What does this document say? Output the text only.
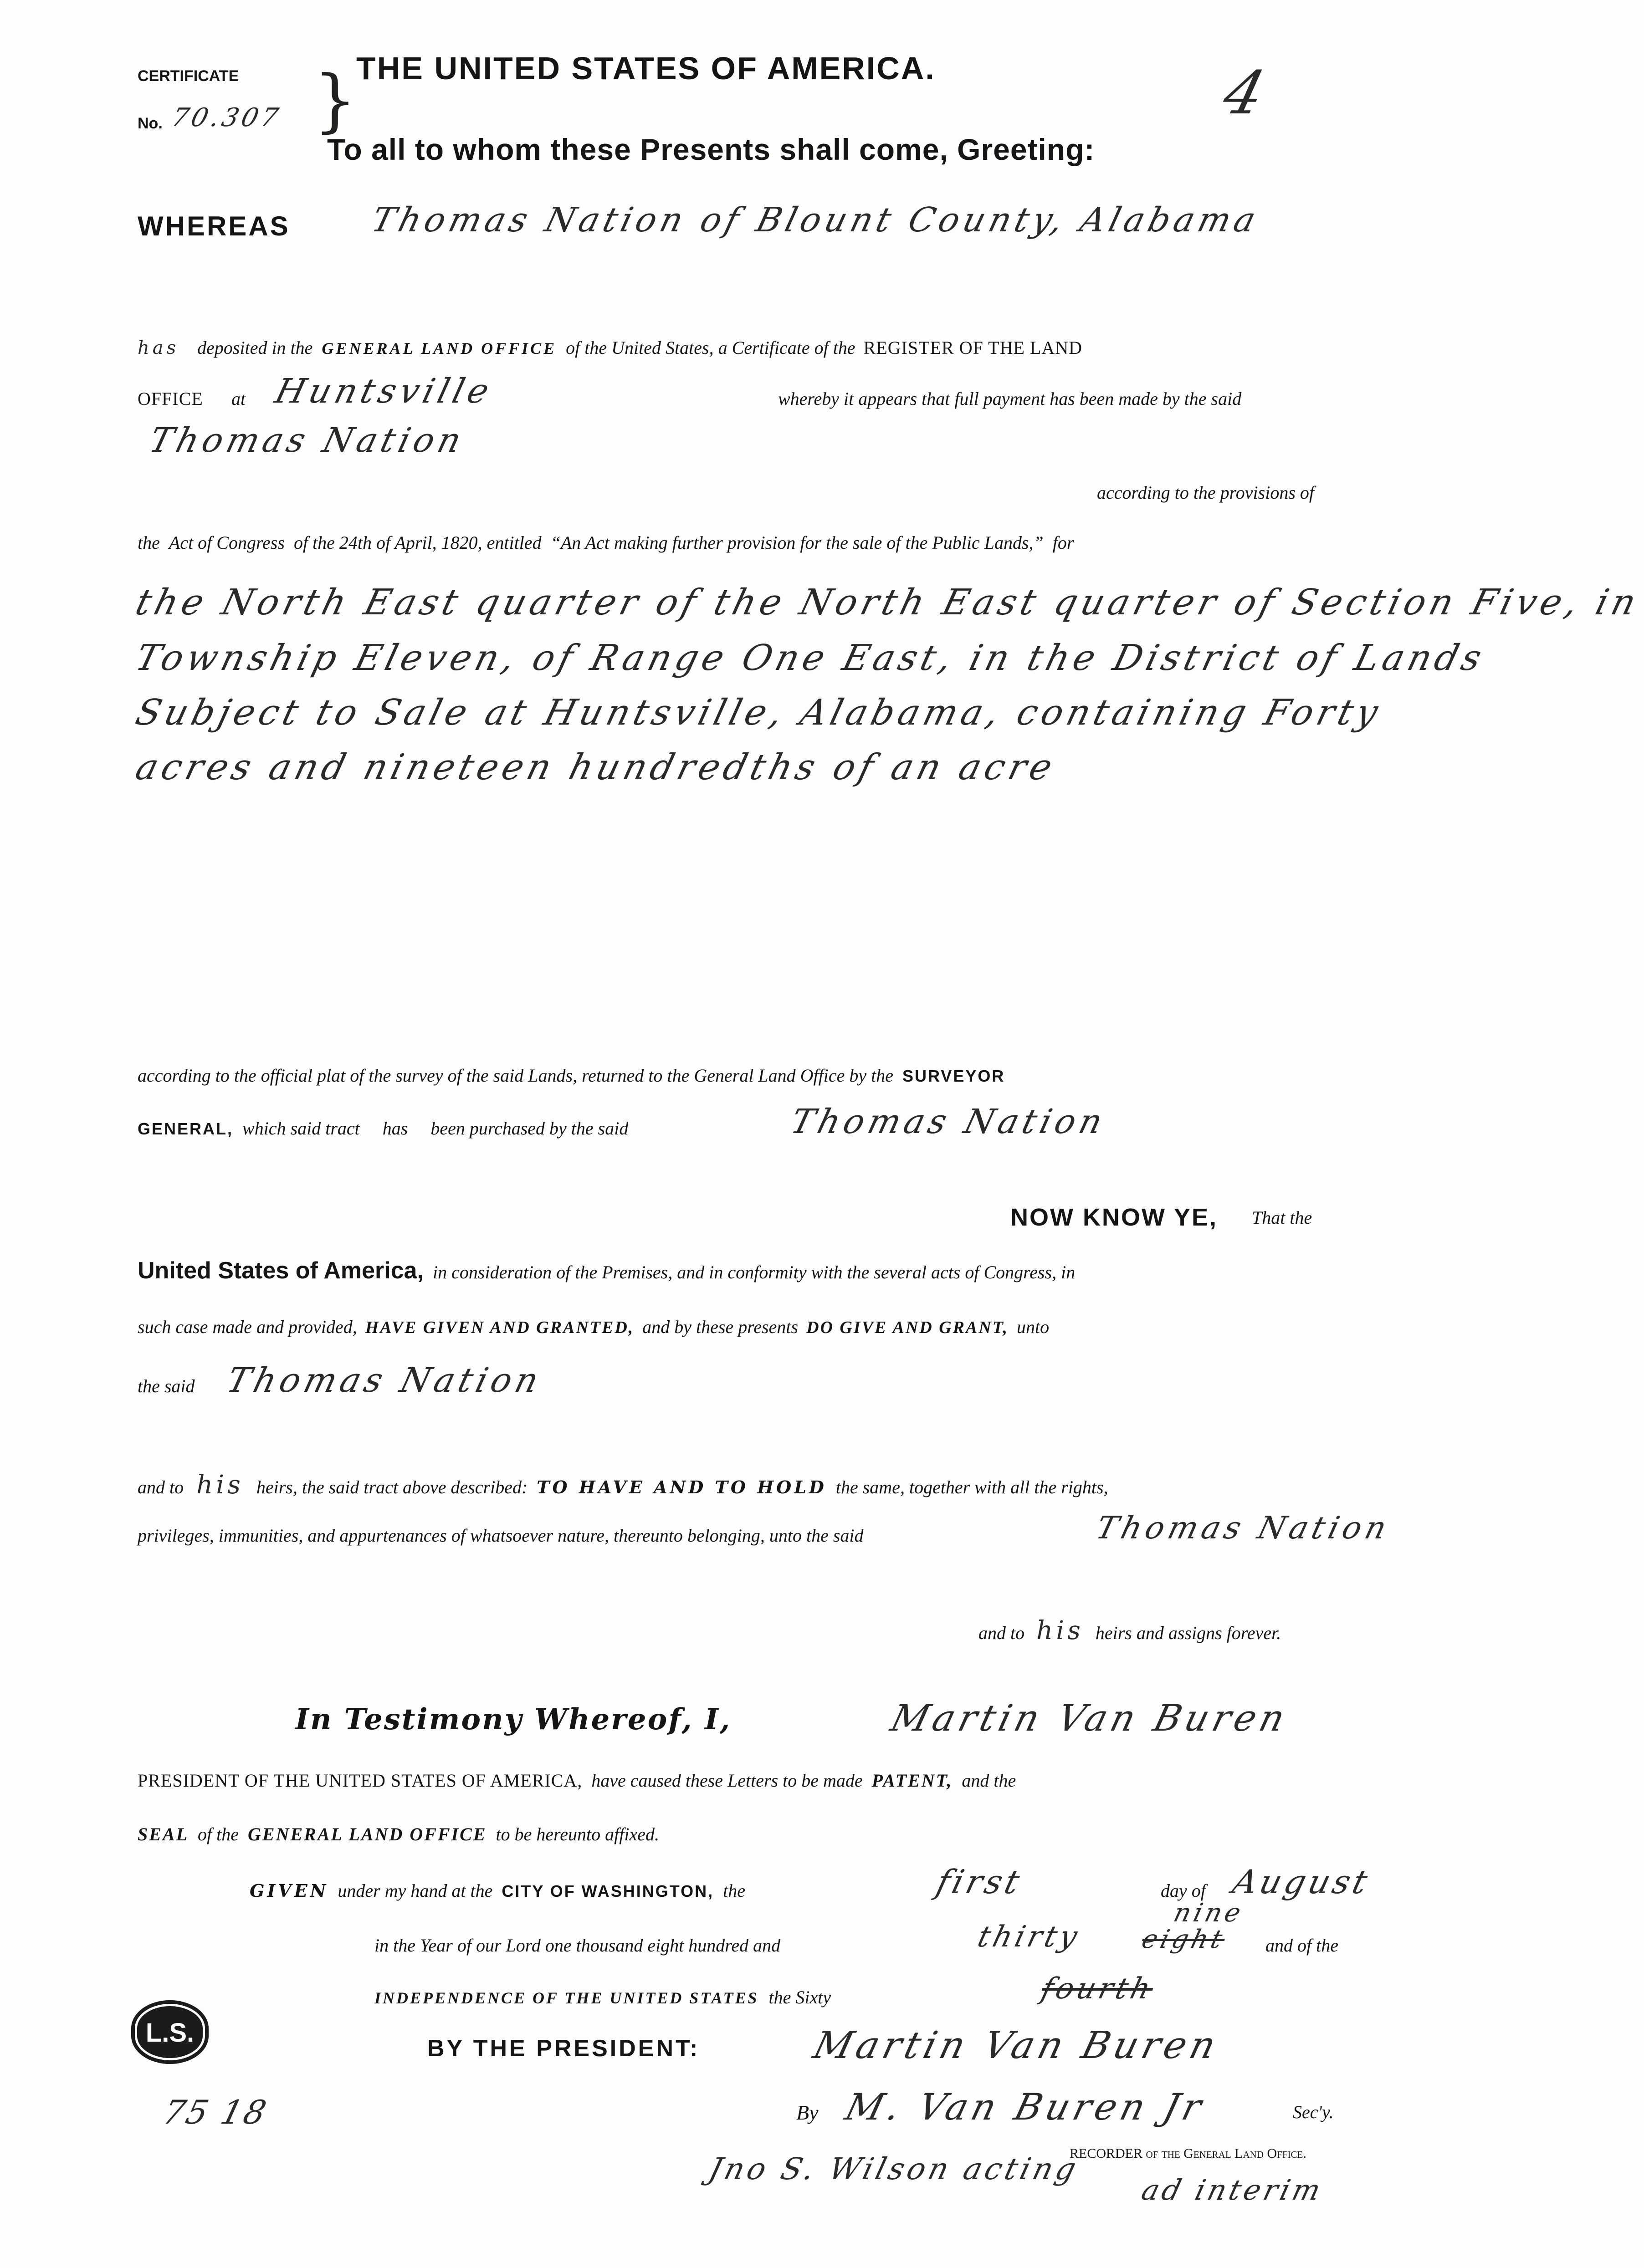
CERTIFICATE
No. 70.307 }
THE UNITED STATES OF AMERICA.	4
To all to whom these Presents shall come, Greeting:
WHEREAS Thomas Nation of Blount County, Alabama
has deposited in the GENERAL LAND OFFICE of the United States, a Certificate of the REGISTER OF THE LAND
OFFICE at Huntsville	whereby it appears that full payment has been made by the said
Thomas Nation
according to the provisions of
the Act of Congress of the 24th of April, 1820, entitled “An Act making further provision for the sale of the Public Lands,” for
the North East quarter of the North East quarter of Section Five, in
Township Eleven, of Range One East, in the District of Lands
Subject to Sale at Huntsville, Alabama, containing Forty
acres and nineteen hundredths of an acre
according to the official plat of the survey of the said Lands, returned to the General Land Office by the SURVEYOR
GENERAL, which said tract has been purchased by the said	Thomas Nation
NOW KNOW YE, That the
United States of America, in consideration of the Premises, and in conformity with the several acts of Congress, in
such case made and provided, HAVE GIVEN AND GRANTED, and by these presents DO GIVE AND GRANT, unto
the said Thomas Nation
and to his heirs, the said tract above described: TO HAVE AND TO HOLD the same, together with all the rights,
privileges, immunities, and appurtenances of whatsoever nature, thereunto belonging, unto the said	Thomas Nation
and to his heirs and assigns forever.
In Testimony Whereof, I,	Martin Van Buren
PRESIDENT OF THE UNITED STATES OF AMERICA, have caused these Letters to be made PATENT, and the
SEAL of the GENERAL LAND OFFICE to be hereunto affixed.
GIVEN under my hand at the CITY OF WASHINGTON, the	first	day of August
in the Year of our Lord one thousand eight hundred and	thirty eight
nine
and of the
INDEPENDENCE OF THE UNITED STATES the Sixty	fourth
L.S.
75 18
BY THE PRESIDENT:	Martin Van Buren
By M. Van Buren Jr	Sec'y.
Jno S. Wilson acting
RECORDER of the General Land Office.
ad interim
